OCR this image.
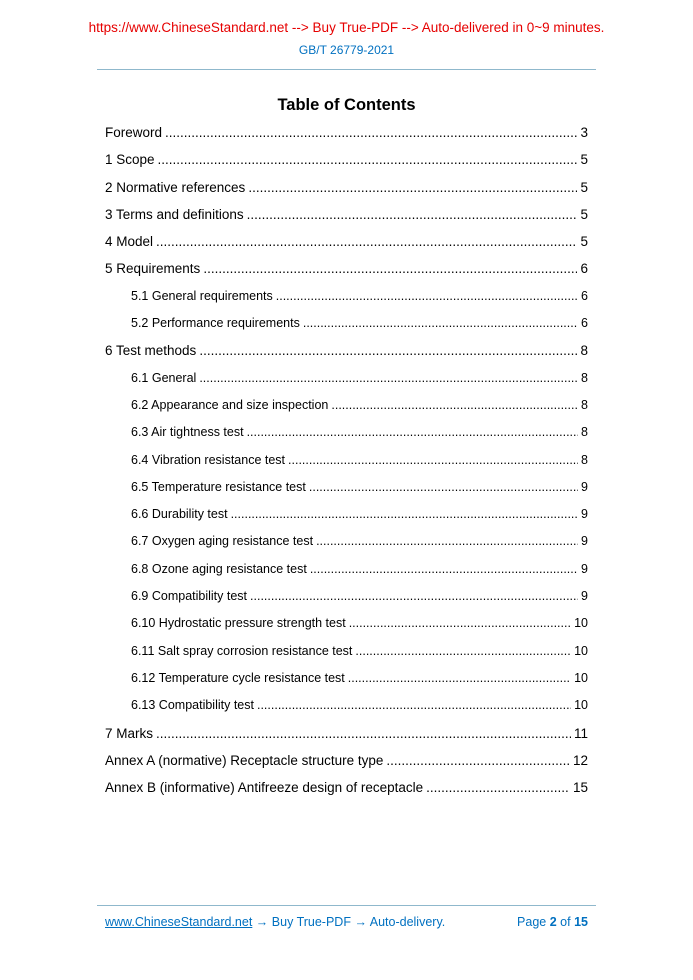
https://www.ChineseStandard.net --> Buy True-PDF --> Auto-delivered in 0~9 minutes.
GB/T 26779-2021
Table of Contents
Foreword .....	3
1 Scope .....	5
2 Normative references .....	5
3 Terms and definitions .....	5
4 Model .....	5
5 Requirements .....	6
5.1 General requirements .....	6
5.2 Performance requirements .....	6
6 Test methods .....	8
6.1 General .....	8
6.2 Appearance and size inspection .....	8
6.3 Air tightness test .....	8
6.4 Vibration resistance test .....	8
6.5 Temperature resistance test .....	9
6.6 Durability test .....	9
6.7 Oxygen aging resistance test .....	9
6.8 Ozone aging resistance test .....	9
6.9 Compatibility test .....	9
6.10 Hydrostatic pressure strength test .....	10
6.11 Salt spray corrosion resistance test .....	10
6.12 Temperature cycle resistance test .....	10
6.13 Compatibility test .....	10
7 Marks .....	11
Annex A (normative) Receptacle structure type .....	12
Annex B (informative) Antifreeze design of receptacle .....	15
www.ChineseStandard.net → Buy True-PDF → Auto-delivery.	Page 2 of 15
